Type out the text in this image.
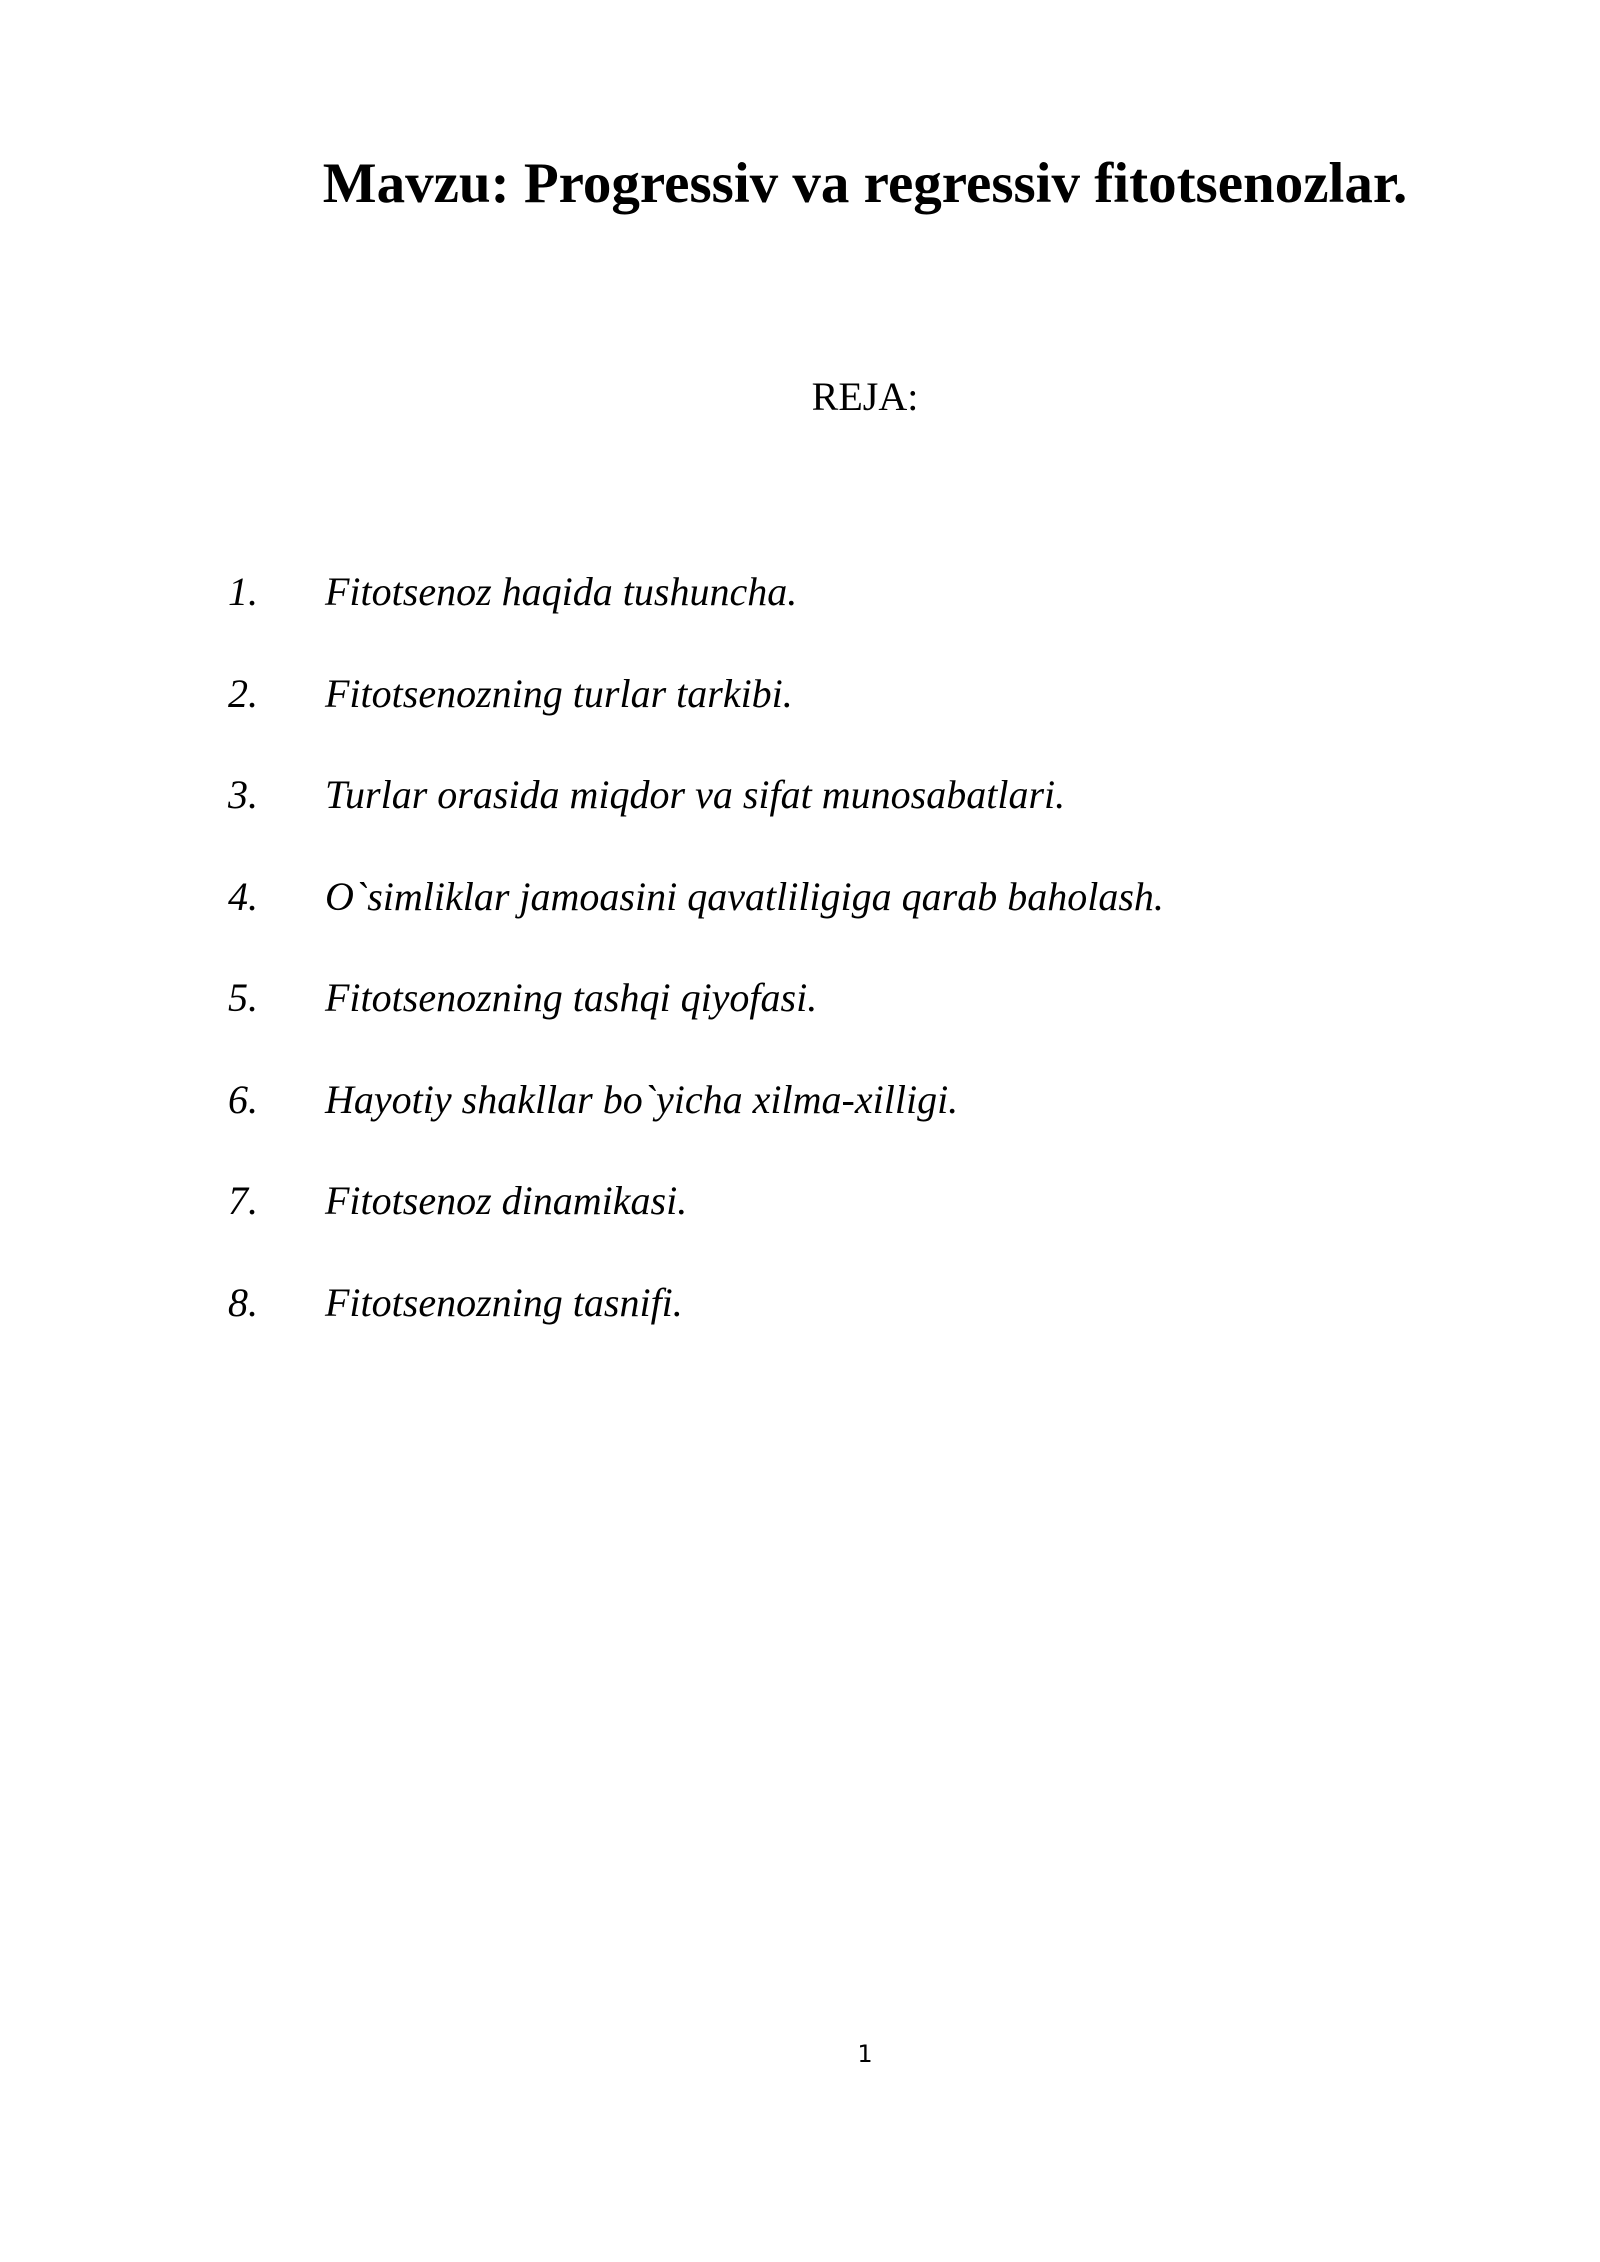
Mavzu: Progressiv va regressiv fitotsenozlar.
REJA:
1. Fitotsenoz haqida tushuncha.
2. Fitotsenozning turlar tarkibi.
3. Turlar orasida miqdor va sifat munosabatlari.
4. O`simliklar jamoasini qavatliligiga qarab baholash.
5. Fitotsenozning tashqi qiyofasi.
6. Hayotiy shakllar bo`yicha xilma-xilligi.
7. Fitotsenoz dinamikasi.
8. Fitotsenozning tasnifi.
1
